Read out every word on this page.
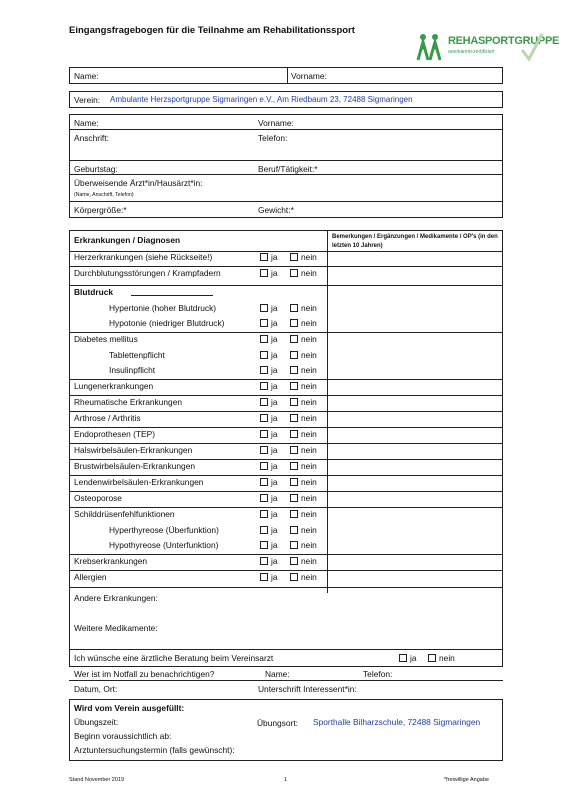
Eingangsfragebogen für die Teilnahme am Rehabilitationssport
REHASPORTGRUPPE
anerkannt+zertifiziert
Name:	Vorname:
Verein: Ambulante Herzsportgruppe Sigmaringen e.V., Am Riedbaum 23, 72488 Sigmaringen
Name:	Vorname:
Anschrift:	Telefon:
Geburtstag:	Beruf/Tätigkeit:*
Überweisende Ärzt*in/Hausärzt*in:
(Name, Anschrift, Telefon)
Körpergröße:*	Gewicht:*
Erkrankungen / Diagnosen	Bemerkungen / Ergänzungen / Medikamente / OP's (in den letzten 10 Jahren)
Herzerkrankungen (siehe Rückseite!)	ja	nein
Durchblutungsstörungen / Krampfadern	ja	nein
Blutdruck
Hypertonie (hoher Blutdruck)	ja	nein
Hypotonie (niedriger Blutdruck)	ja	nein
Diabetes mellitus	ja	nein
Tablettenpflicht	ja	nein
Insulinpflicht	ja	nein
Lungenerkrankungen	ja	nein
Rheumatische Erkrankungen	ja	nein
Arthrose / Arthritis	ja	nein
Endoprothesen (TEP)	ja	nein
Halswirbelsäulen-Erkrankungen	ja	nein
Brustwirbelsäulen-Erkrankungen	ja	nein
Lendenwirbelsäulen-Erkrankungen	ja	nein
Osteoporose	ja	nein
Schilddrüsenfehlfunktionen	ja	nein
Hyperthyreose (Überfunktion)	ja	nein
Hypothyreose (Unterfunktion)	ja	nein
Krebserkrankungen	ja	nein
Allergien	ja	nein
Andere Erkrankungen:
Weitere Medikamente:
Ich wünsche eine ärztliche Beratung beim Vereinsarzt	ja	nein
Wer ist im Notfall zu benachrichtigen?	Name:	Telefon:
Datum, Ort:	Unterschrift Interessent*in:
Wird vom Verein ausgefüllt:
Übungszeit:	Übungsort: Sporthalle Bilharzschule, 72488 Sigmaringen
Beginn voraussichtlich ab:
Arztuntersuchungstermin (falls gewünscht):
Stand November 2019	1	*freiwillige Angabe
